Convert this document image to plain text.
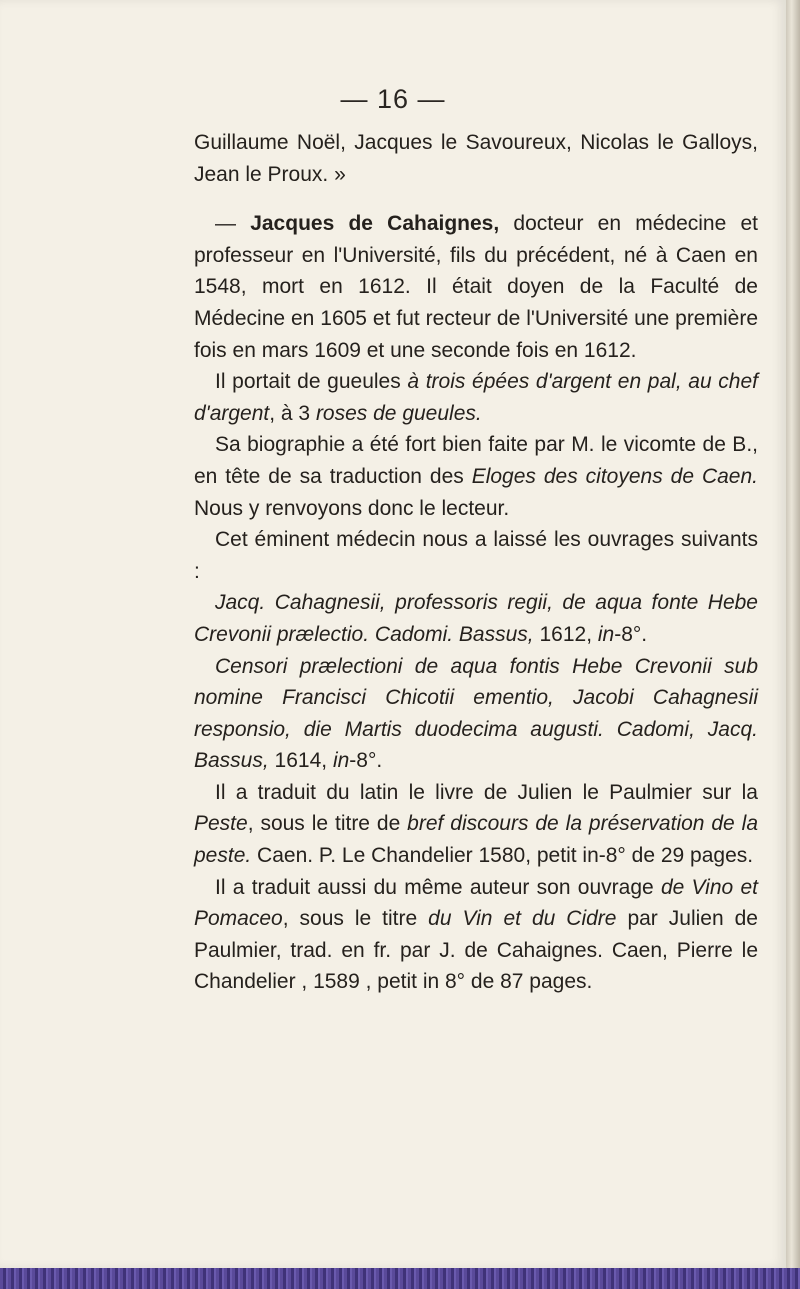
— 16 —

Guillaume Noël, Jacques le Savoureux, Nicolas le Galloys, Jean le Proux. »

— Jacques de Cahaignes, docteur en médecine et professeur en l'Université, fils du précédent, né à Caen en 1548, mort en 1612. Il était doyen de la Faculté de Médecine en 1605 et fut recteur de l'Université une première fois en mars 1609 et une seconde fois en 1612.

Il portait de gueules à trois épées d'argent en pal, au chef d'argent, à 3 roses de gueules.

Sa biographie a été fort bien faite par M. le vicomte de B., en tête de sa traduction des Eloges des citoyens de Caen. Nous y renvoyons donc le lecteur.

Cet éminent médecin nous a laissé les ouvrages suivants :

Jacq. Cahagnesii, professoris regii, de aqua fonte Hebe Crevonii prælectio. Cadomi. Bassus, 1612, in-8°.

Censori prælectioni de aqua fontis Hebe Crevonii sub nomine Francisci Chicotii ementio, Jacobi Cahagnesii responsio, die Martis duodecima augusti. Cadomi, Jacq. Bassus, 1614, in-8°.

Il a traduit du latin le livre de Julien le Paulmier sur la Peste, sous le titre de bref discours de la préservation de la peste. Caen. P. Le Chandelier 1580, petit in-8° de 29 pages.

Il a traduit aussi du même auteur son ouvrage de Vino et Pomaceo, sous le titre du Vin et du Cidre par Julien de Paulmier, trad. en fr. par J. de Cahaignes. Caen, Pierre le Chandelier , 1589 , petit in 8° de 87 pages.
